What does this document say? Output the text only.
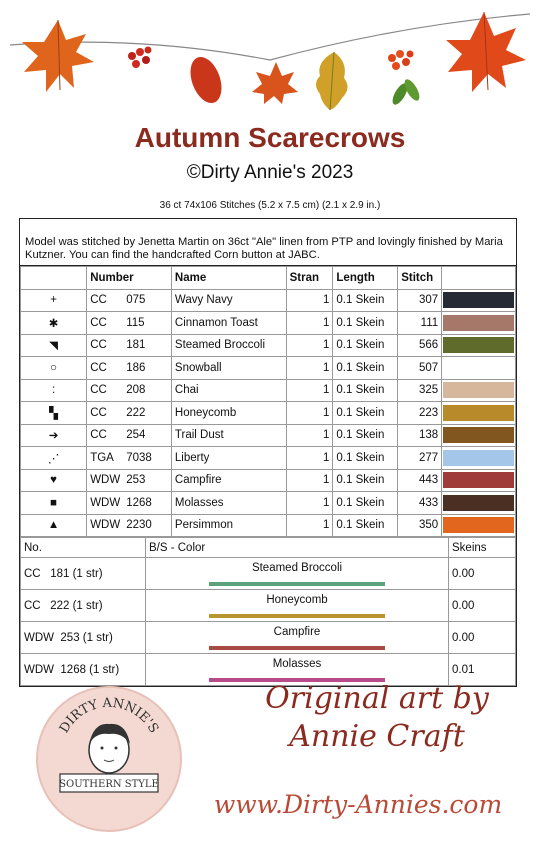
Autumn Scarecrows
©Dirty Annie's 2023
36 ct 74x106 Stitches (5.2 x 7.5 cm) (2.1 x 2.9 in.)
Model was stitched by Jenetta Martin on 36ct "Ale" linen from PTP and lovingly finished by Maria Kutzner. You can find the handcrafted Corn button at JABC.
	Number	Name	Stran	Length	Stitch	
+	CC 075	Wavy Navy	1	0.1 Skein	307	

✱	CC 115	Cinnamon Toast	1	0.1 Skein	111	

◥	CC 181	Steamed Broccoli	1	0.1 Skein	566	

○	CC 186	Snowball	1	0.1 Skein	507	

:	CC 208	Chai	1	0.1 Skein	325	

▚	CC 222	Honeycomb	1	0.1 Skein	223	

➔	CC 254	Trail Dust	1	0.1 Skein	138	

⋰	TGA 7038	Liberty	1	0.1 Skein	277	

♥	WDW 253	Campfire	1	0.1 Skein	443	

■	WDW 1268	Molasses	1	0.1 Skein	433	

▲	WDW 2230	Persimmon	1	0.1 Skein	350	
No.	B/S - Color	Skeins
CC   181 (1 str)	Steamed Broccoli	0.00

CC   222 (1 str)	Honeycomb	0.00

WDW  253 (1 str)	Campfire	0.00

WDW  1268 (1 str)	Molasses	0.01

DIRTY ANNIE'S
SOUTHERN STYLE
Original art by
Annie Craft
www.Dirty-Annies.com
